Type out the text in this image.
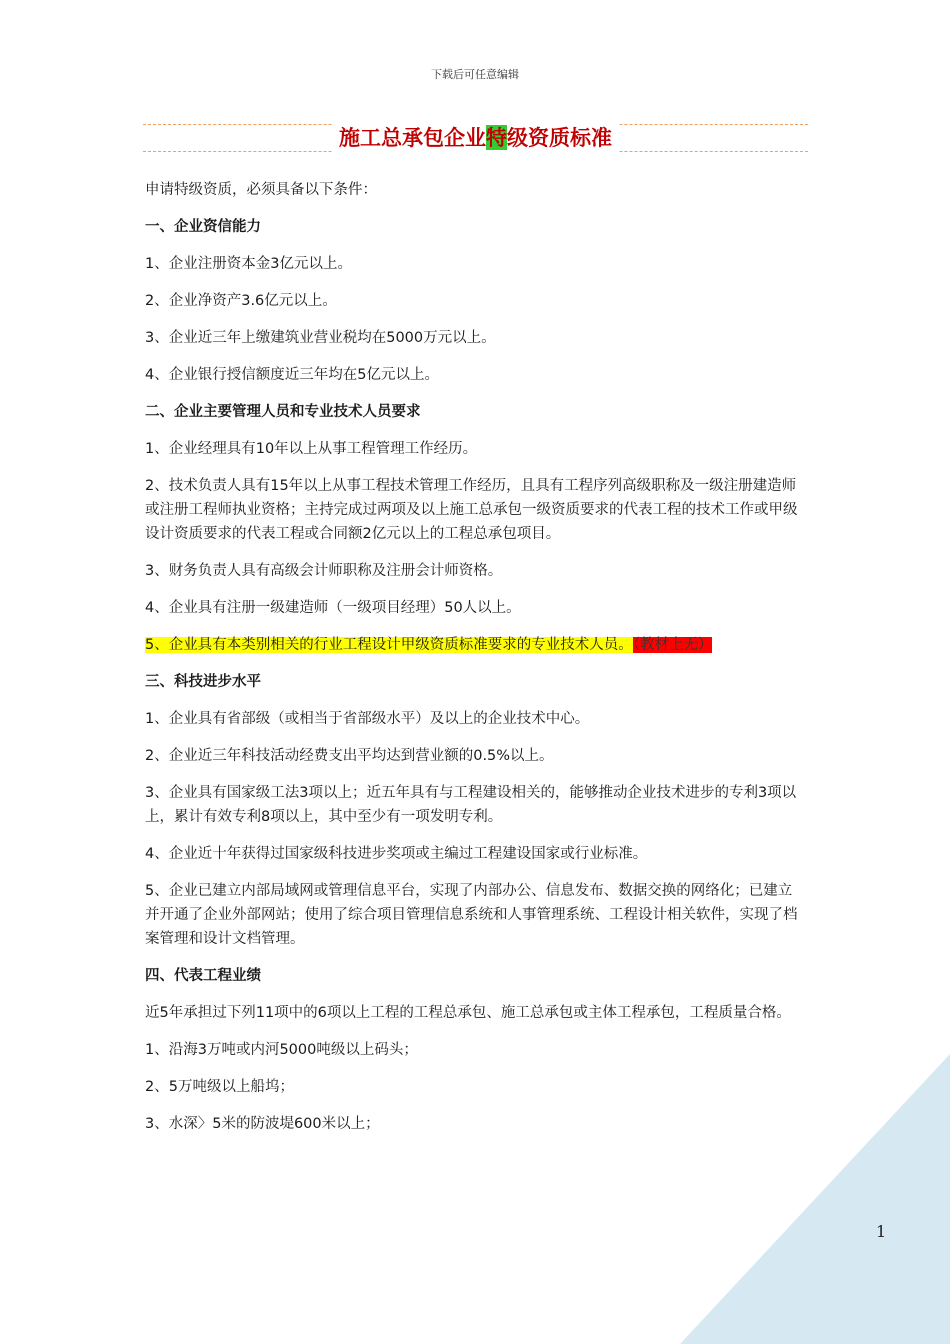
下载后可任意编辑
施工总承包企业特级资质标准

申请特级资质，必须具备以下条件：

一、企业资信能力

1、企业注册资本金3亿元以上。

2、企业净资产3.6亿元以上。

3、企业近三年上缴建筑业营业税均在5000万元以上。

4、企业银行授信额度近三年均在5亿元以上。

二、企业主要管理人员和专业技术人员要求

1、企业经理具有10年以上从事工程管理工作经历。

2、技术负责人具有15年以上从事工程技术管理工作经历，且具有工程序列高级职称及一级注册建造师或注册工程师执业资格；主持完成过两项及以上施工总承包一级资质要求的代表工程的技术工作或甲级设计资质要求的代表工程或合同额2亿元以上的工程总承包项目。

3、财务负责人具有高级会计师职称及注册会计师资格。

4、企业具有注册一级建造师（一级项目经理）50人以上。

5、企业具有本类别相关的行业工程设计甲级资质标准要求的专业技术人员。（教材上无）

三、科技进步水平

1、企业具有省部级（或相当于省部级水平）及以上的企业技术中心。

2、企业近三年科技活动经费支出平均达到营业额的0.5%以上。

3、企业具有国家级工法3项以上；近五年具有与工程建设相关的，能够推动企业技术进步的专利3项以上，累计有效专利8项以上，其中至少有一项发明专利。

4、企业近十年获得过国家级科技进步奖项或主编过工程建设国家或行业标准。

5、企业已建立内部局域网或管理信息平台，实现了内部办公、信息发布、数据交换的网络化；已建立并开通了企业外部网站；使用了综合项目管理信息系统和人事管理系统、工程设计相关软件，实现了档案管理和设计文档管理。

四、代表工程业绩

近5年承担过下列11项中的6项以上工程的工程总承包、施工总承包或主体工程承包，工程质量合格。

1、沿海3万吨或内河5000吨级以上码头；

2、5万吨级以上船坞；

3、水深〉5米的防波堤600米以上；

1
